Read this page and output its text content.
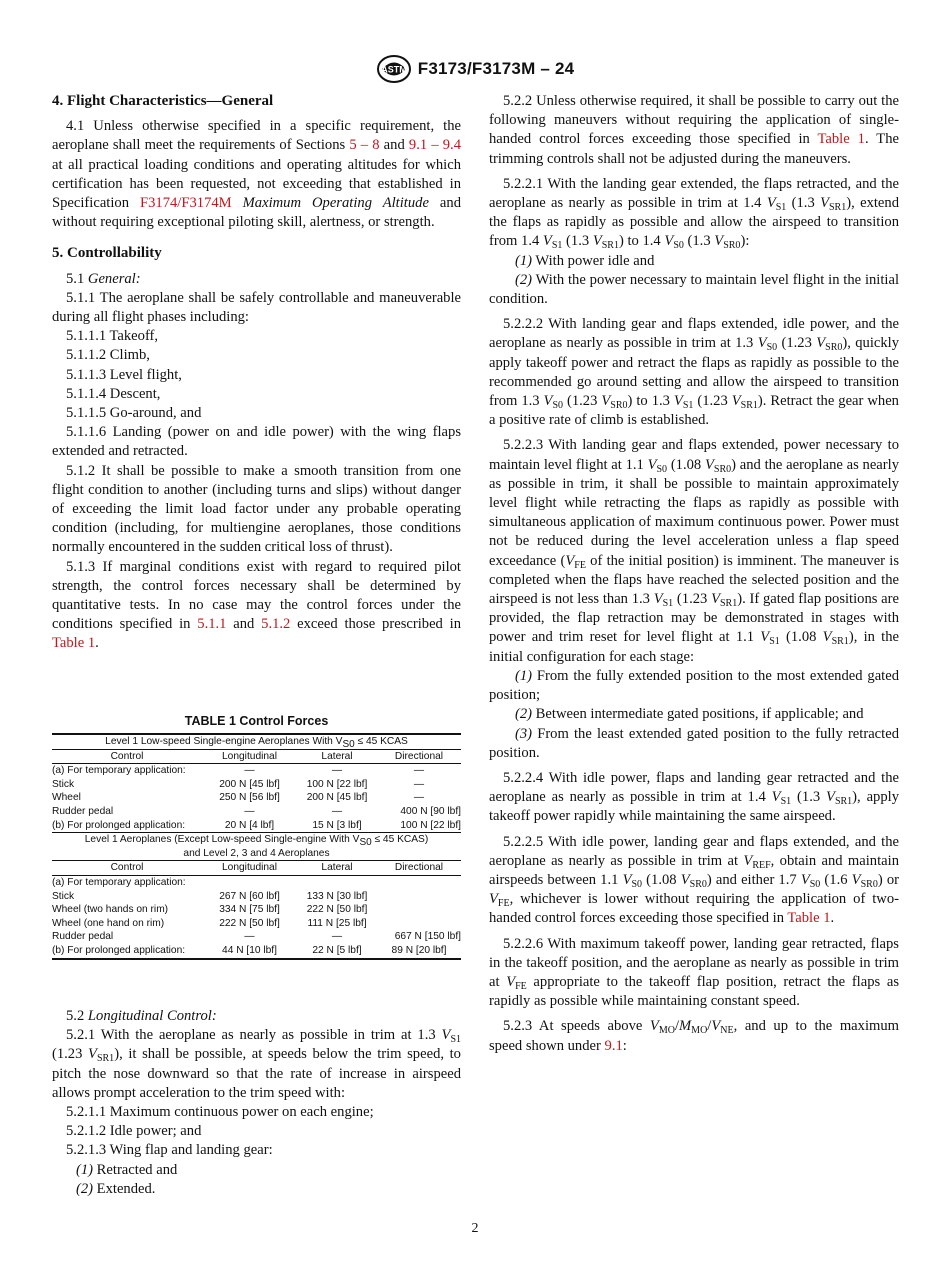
ASTM F3173/F3173M – 24

4. Flight Characteristics—General

4.1 Unless otherwise specified in a specific requirement, the aeroplane shall meet the requirements of Sections 5 – 8 and 9.1 – 9.4 at all practical loading conditions and operating altitudes for which certification has been requested, not exceeding that established in Specification F3174/F3174M Maximum Operating Altitude and without requiring exceptional piloting skill, alertness, or strength.

5. Controllability

5.1 General:

5.1.1 The aeroplane shall be safely controllable and maneuverable during all flight phases including:

5.1.1.1 Takeoff,

5.1.1.2 Climb,

5.1.1.3 Level flight,

5.1.1.4 Descent,

5.1.1.5 Go-around, and

5.1.1.6 Landing (power on and idle power) with the wing flaps extended and retracted.

5.1.2 It shall be possible to make a smooth transition from one flight condition to another (including turns and slips) without danger of exceeding the limit load factor under any probable operating condition (including, for multiengine aeroplanes, those conditions normally encountered in the sudden critical loss of thrust).

5.1.3 If marginal conditions exist with regard to required pilot strength, the control forces necessary shall be determined by quantitative tests. In no case may the control forces under the conditions specified in 5.1.1 and 5.1.2 exceed those prescribed in Table 1.

TABLE 1 Control Forces
Level 1 Low-speed Single-engine Aeroplanes With $V_{S0} \le 45$ KCAS			
Control	Longitudinal	Lateral	Directional
(a) For temporary application:	—	—	—
Stick	200 N [45 lbf]	100 N [22 lbf]	—
Wheel	250 N [56 lbf]	200 N [45 lbf]	—
Rudder pedal	—	—	400 N [90 lbf]
(b) For prolonged application:	20 N [4 lbf]	15 N [3 lbf]	100 N [22 lbf]
Level 1 Aeroplanes (Except Low-speed Single-engine With $V_{S0} \le 45$ KCAS)			
and Level 2, 3 and 4 Aeroplanes			
Control	Longitudinal	Lateral	Directional
(a) For temporary application:			
Stick	267 N [60 lbf]	133 N [30 lbf]	
Wheel (two hands on rim)	334 N [75 lbf]	222 N [50 lbf]	
Wheel (one hand on rim)	222 N [50 lbf]	111 N [25 lbf]	
Rudder pedal	—	—	667 N [150 lbf]
(b) For prolonged application:	44 N [10 lbf]	22 N [5 lbf]	89 N [20 lbf]

5.2 Longitudinal Control:

5.2.1 With the aeroplane as nearly as possible in trim at 1.3 $V_{S1}$ (1.23 $V_{SR1}$), it shall be possible, at speeds below the trim speed, to pitch the nose downward so that the rate of increase in airspeed allows prompt acceleration to the trim speed with:

5.2.1.1 Maximum continuous power on each engine;

5.2.1.2 Idle power; and

5.2.1.3 Wing flap and landing gear:

(1) Retracted and

(2) Extended.

5.2.2 Unless otherwise required, it shall be possible to carry out the following maneuvers without requiring the application of single-handed control forces exceeding those specified in Table 1. The trimming controls shall not be adjusted during the maneuvers.

5.2.2.1 With the landing gear extended, the flaps retracted, and the aeroplane as nearly as possible in trim at 1.4 $V_{S1}$ (1.3 $V_{SR1}$), extend the flaps as rapidly as possible and allow the airspeed to transition from 1.4 $V_{S1}$ (1.3 $V_{SR1}$) to 1.4 $V_{S0}$ (1.3 $V_{SR0}$):

(1) With power idle and

(2) With the power necessary to maintain level flight in the initial condition.

5.2.2.2 With landing gear and flaps extended, idle power, and the aeroplane as nearly as possible in trim at 1.3 $V_{S0}$ (1.23 $V_{SR0}$), quickly apply takeoff power and retract the flaps as rapidly as possible to the recommended go around setting and allow the airspeed to transition from 1.3 $V_{S0}$ (1.23 $V_{SR0}$) to 1.3 $V_{S1}$ (1.23 $V_{SR1}$). Retract the gear when a positive rate of climb is established.

5.2.2.3 With landing gear and flaps extended, power necessary to maintain level flight at 1.1 $V_{S0}$ (1.08 $V_{SR0}$) and the aeroplane as nearly as possible in trim, it shall be possible to maintain approximately level flight while retracting the flaps as rapidly as possible with simultaneous application of maximum continuous power. Power must not be reduced during the level acceleration unless a flap speed exceedance ($V_{FE}$ of the initial position) is imminent. The maneuver is completed when the flaps have reached the selected position and the airspeed is not less than 1.3 $V_{S1}$ (1.23 $V_{SR1}$). If gated flap positions are provided, the flap retraction may be demonstrated in stages with power and trim reset for level flight at 1.1 $V_{S1}$ (1.08 $V_{SR1}$), in the initial configuration for each stage:

(1) From the fully extended position to the most extended gated position;

(2) Between intermediate gated positions, if applicable; and

(3) From the least extended gated position to the fully retracted position.

5.2.2.4 With idle power, flaps and landing gear retracted and the aeroplane as nearly as possible in trim at 1.4 $V_{S1}$ (1.3 $V_{SR1}$), apply takeoff power rapidly while maintaining the same airspeed.

5.2.2.5 With idle power, landing gear and flaps extended, and the aeroplane as nearly as possible in trim at $V_{REF}$, obtain and maintain airspeeds between 1.1 $V_{S0}$ (1.08 $V_{SR0}$) and either 1.7 $V_{S0}$ (1.6 $V_{SR0}$) or $V_{FE}$, whichever is lower without requiring the application of two-handed control forces exceeding those specified in Table 1.

5.2.2.6 With maximum takeoff power, landing gear retracted, flaps in the takeoff position, and the aeroplane as nearly as possible in trim at $V_{FE}$ appropriate to the takeoff flap position, retract the flaps as rapidly as possible while maintaining constant speed.

5.2.3 At speeds above $V_{MO}/M_{MO}/V_{NE}$, and up to the maximum speed shown under 9.1:

2
